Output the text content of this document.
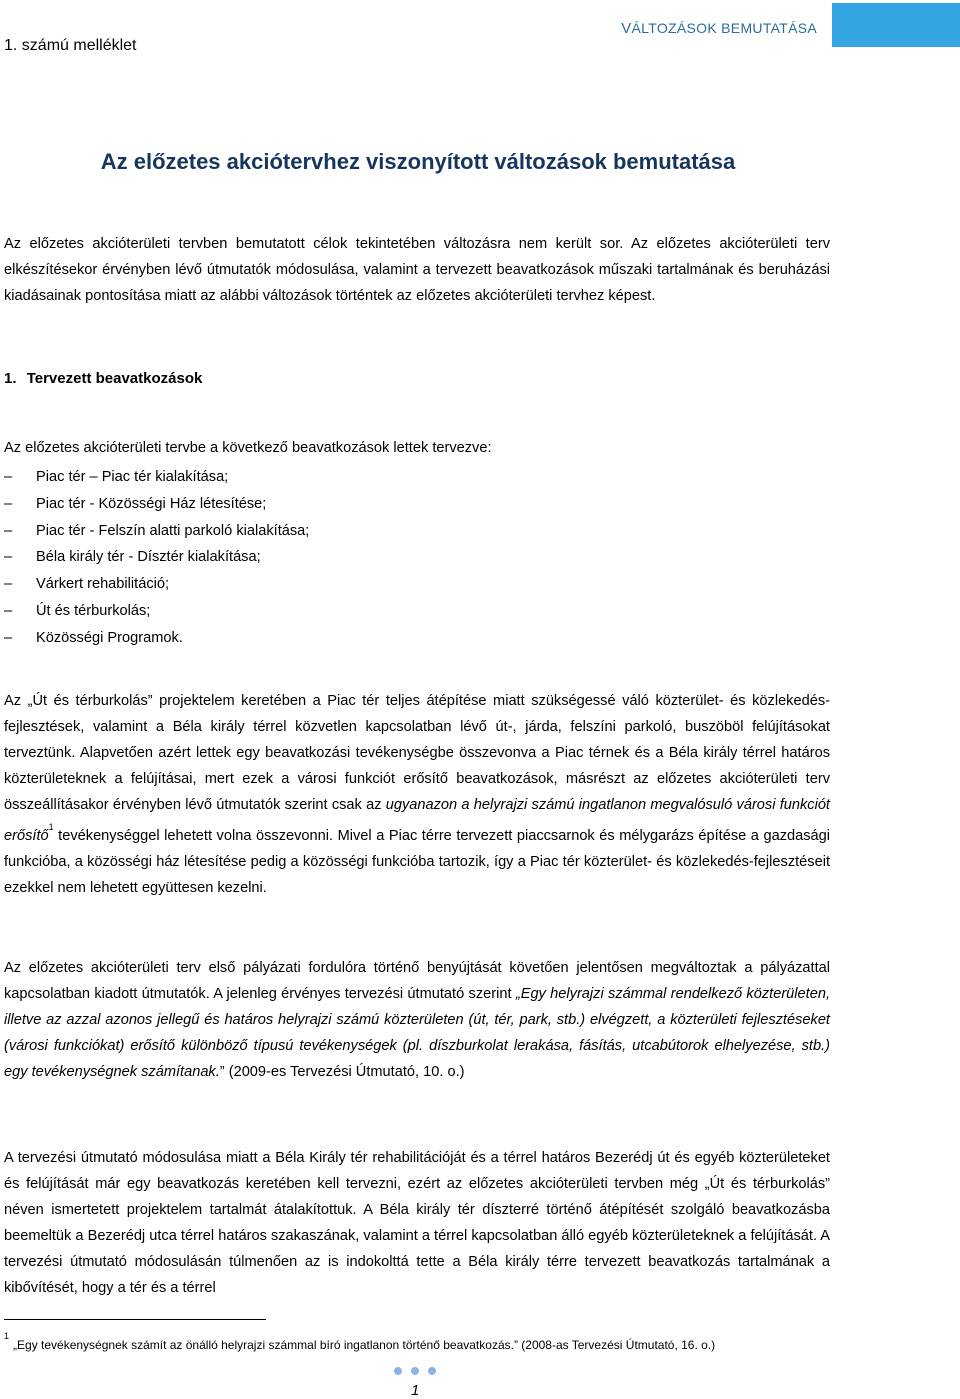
1. számú melléklet
VÁLTOZÁSOK BEMUTATÁSA
Az előzetes akciótervhez viszonyított változások bemutatása

Az előzetes akcióterületi tervben bemutatott célok tekintetében változásra nem került sor. Az előzetes akcióterületi terv elkészítésekor érvényben lévő útmutatók módosulása, valamint a tervezett beavatkozások műszaki tartalmának és beruházási kiadásainak pontosítása miatt az alábbi változások történtek az előzetes akcióterületi tervhez képest.

1. Tervezett beavatkozások

Az előzetes akcióterületi tervbe a következő beavatkozások lettek tervezve:

– Piac tér – Piac tér kialakítása;
– Piac tér - Közösségi Ház létesítése;
– Piac tér - Felszín alatti parkoló kialakítása;
– Béla király tér - Dísztér kialakítása;
– Várkert rehabilitáció;
– Út és térburkolás;
– Közösségi Programok.

Az „Út és térburkolás” projektelem keretében a Piac tér teljes átépítése miatt szükségessé váló közterület- és közlekedés-fejlesztések, valamint a Béla király térrel közvetlen kapcsolatban lévő út-, járda, felszíni parkoló, buszöböl felújításokat terveztünk. Alapvetően azért lettek egy beavatkozási tevékenységbe összevonva a Piac térnek és a Béla király térrel határos közterületeknek a felújításai, mert ezek a városi funkciót erősítő beavatkozások, másrészt az előzetes akcióterületi terv összeállításakor érvényben lévő útmutatók szerint csak az ugyanazon a helyrajzi számú ingatlanon megvalósuló városi funkciót erősítő$^1$ tevékenységgel lehetett volna összevonni. Mivel a Piac térre tervezett piaccsarnok és mélygarázs építése a gazdasági funkcióba, a közösségi ház létesítése pedig a közösségi funkcióba tartozik, így a Piac tér közterület- és közlekedés-fejlesztéseit ezekkel nem lehetett együttesen kezelni.

Az előzetes akcióterületi terv első pályázati fordulóra történő benyújtását követően jelentősen megváltoztak a pályázattal kapcsolatban kiadott útmutatók. A jelenleg érvényes tervezési útmutató szerint „Egy helyrajzi számmal rendelkező közterületen, illetve az azzal azonos jellegű és határos helyrajzi számú közterületen (út, tér, park, stb.) elvégzett, a közterületi fejlesztéseket (városi funkciókat) erősítő különböző típusú tevékenységek (pl. díszburkolat lerakása, fásítás, utcabútorok elhelyezése, stb.) egy tevékenységnek számítanak.” (2009-es Tervezési Útmutató, 10. o.)

A tervezési útmutató módosulása miatt a Béla Király tér rehabilitációját és a térrel határos Bezerédj út és egyéb közterületeket és felújítását már egy beavatkozás keretében kell tervezni, ezért az előzetes akcióterületi tervben még „Út és térburkolás” néven ismertetett projektelem tartalmát átalakítottuk. A Béla király tér díszterré történő átépítését szolgáló beavatkozásba beemeltük a Bezerédj utca térrel határos szakaszának, valamint a térrel kapcsolatban álló egyéb közterületeknek a felújítását. A tervezési útmutató módosulásán túlmenően az is indokolttá tette a Béla király térre tervezett beavatkozás tartalmának a kibővítését, hogy a tér és a térrel

$^1$„Egy tevékenységnek számít az önálló helyrajzi számmal bíró ingatlanon történő beavatkozás.” (2008-as Tervezési Útmutató, 16. o.)
1
